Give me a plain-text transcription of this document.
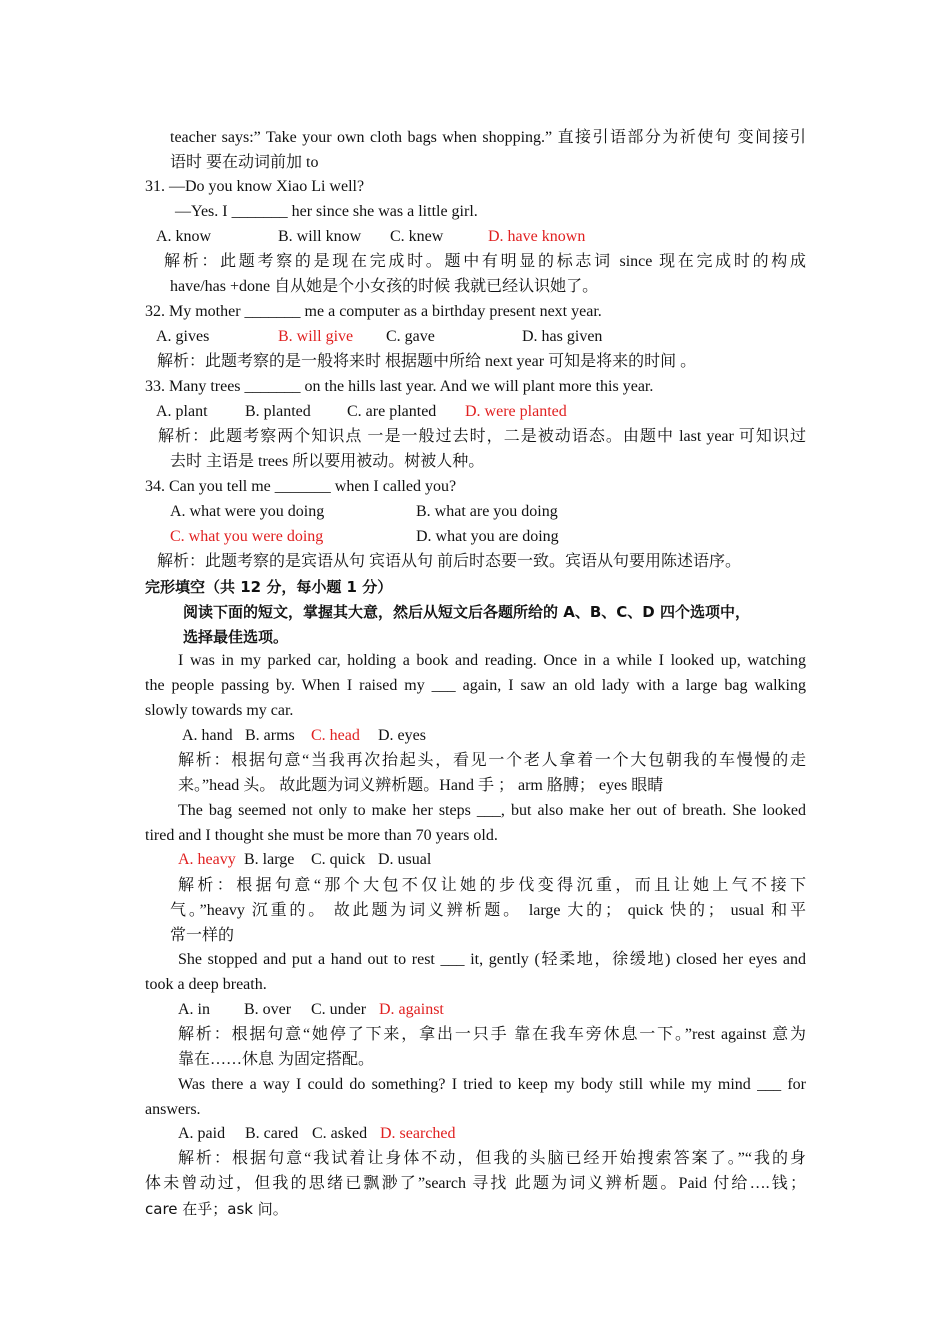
teacher says:” Take your own cloth bags when shopping.” 直接引语部分为祈使句 变间接引
语时 要在动词前加 to
31. —Do you know Xiao Li well?
—Yes. I _______ her since she was a little girl.
A. know	B. will know C. knew	D. have known
解析：此题考察的是现在完成时。题中有明显的标志词 since 现在完成时的构成
have/has +done 自从她是个小女孩的时候 我就已经认识她了。
32. My mother _______ me a computer as a birthday present next year.
A. gives	B. will give C. gave	D. has given
解析：此题考察的是一般将来时 根据题中所给 next year 可知是将来的时间 。
33. Many trees _______ on the hills last year. And we will plant more this year.
A. plant B. planted C. are planted D. were planted
解析：此题考察两个知识点 一是一般过去时，二是被动语态。由题中 last year 可知识过
去时 主语是 trees 所以要用被动。树被人种。
34. Can you tell me _______ when I called you?
A. what were you doing	B. what are you doing
C. what you were doing	D. what you are doing
解析：此题考察的是宾语从句 宾语从句 前后时态要一致。宾语从句要用陈述语序。
完形填空（共 12 分，每小题 1 分）
阅读下面的短文，掌握其大意，然后从短文后各题所给的 A、B、C、D 四个选项中，
选择最佳选项。
I was in my parked car, holding a book and reading. Once in a while I looked up, watching
the people passing by. When I raised my ___ again, I saw an old lady with a large bag walking
slowly towards my car.
A. hand B. arms C. head D. eyes
解析：根据句意“当我再次抬起头，看见一个老人拿着一个大包朝我的车慢慢的走
来。”head 头。 故此题为词义辨析题。Hand 手 ； arm 胳膊； eyes 眼睛
The bag seemed not only to make her steps ___, but also make her out of breath. She looked
tired and I thought she must be more than 70 years old.
A. heavy B. large C. quick D. usual
解析：根据句意“那个大包不仅让她的步伐变得沉重，而且让她上气不接下
气。”heavy 沉重的。 故此题为词义辨析题。 large 大的； quick 快的； usual 和平
常一样的
She stopped and put a hand out to rest ___ it, gently (轻柔地，徐缓地) closed her eyes and
took a deep breath.
A. in B. over C. under D. against
解析：根据句意“她停了下来，拿出一只手 靠在我车旁休息一下。”rest against 意为
靠在……休息 为固定搭配。
Was there a way I could do something? I tried to keep my body still while my mind ___ for
answers.
A. paid B. cared C. asked D. searched
解析：根据句意“我试着让身体不动，但我的头脑已经开始搜索答案了。”“我的身
体未曾动过，但我的思绪已飘渺了”search 寻找 此题为词义辨析题。Paid 付给….钱；
care 在乎；ask 问。
